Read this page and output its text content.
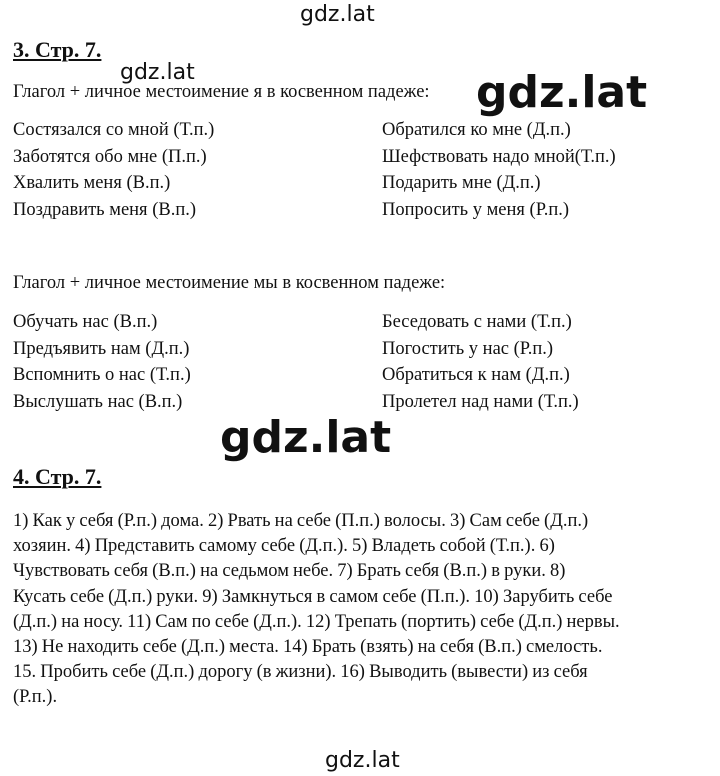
gdz.lat
gdz.lat	gdz.lat
3. Стр. 7.
Глагол + личное местоимение я в косвенном падеже:
Состязался со мной (Т.п.)
Заботятся обо мне (П.п.)
Хвалить меня (В.п.)
Поздравить меня (В.п.)
Обратился ко мне (Д.п.)
Шефствовать надо мной(Т.п.)
Подарить мне (Д.п.)
Попросить у меня (Р.п.)
Глагол + личное местоимение мы в косвенном падеже:
Обучать нас (В.п.)
Предъявить нам (Д.п.)
Вспомнить о нас (Т.п.)
Выслушать нас (В.п.)
Беседовать с нами (Т.п.)
Погостить у нас (Р.п.)
Обратиться к нам (Д.п.)
Пролетел над нами (Т.п.)
gdz.lat
4. Стр. 7.

1) Как у себя (Р.п.) дома. 2) Рвать на себе (П.п.) волосы. 3) Сам себе (Д.п.)
хозяин. 4) Представить самому себе (Д.п.). 5) Владеть собой (Т.п.). 6)
Чувствовать себя (В.п.) на седьмом небе. 7) Брать себя (В.п.) в руки. 8)
Кусать себе (Д.п.) руки. 9) Замкнуться в самом себе (П.п.). 10) Зарубить себе
(Д.п.) на носу. 11) Сам по себе (Д.п.). 12) Трепать (портить) себе (Д.п.) нервы.
13) Не находить себе (Д.п.) места. 14) Брать (взять) на себя (В.п.) смелость.
15. Пробить себе (Д.п.) дорогу (в жизни). 16) Выводить (вывести) из себя
(Р.п.).

gdz.lat
